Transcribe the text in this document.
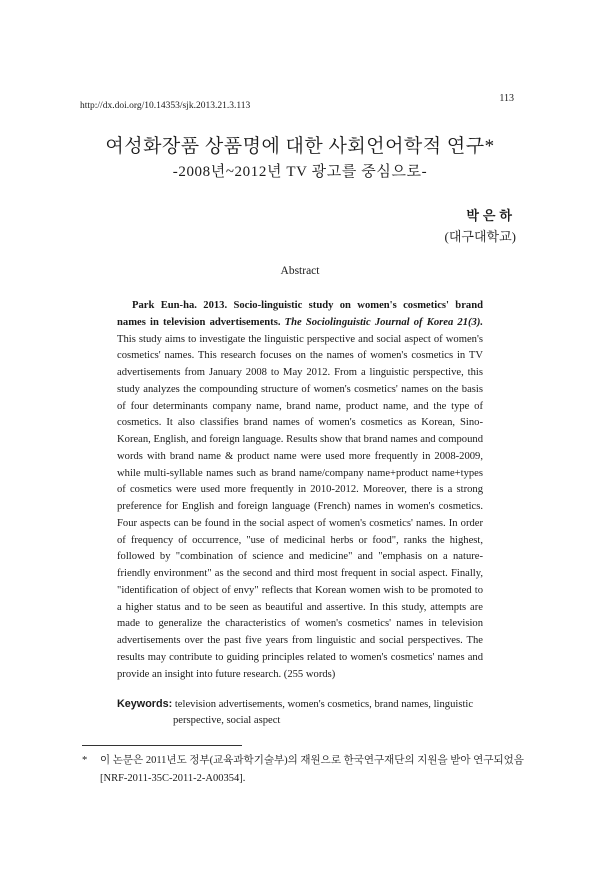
113
http://dx.doi.org/10.14353/sjk.2013.21.3.113
여성화장품 상품명에 대한 사회언어학적 연구*
-2008년~2012년 TV 광고를 중심으로-
박은하
(대구대학교)
Abstract

Park Eun-ha. 2013. Socio-linguistic study on women's cosmetics' brand names in television advertisements. The Sociolinguistic Journal of Korea 21(3). This study aims to investigate the linguistic perspective and social aspect of women's cosmetics' names. This research focuses on the names of women's cosmetics in TV advertisements from January 2008 to May 2012. From a linguistic perspective, this study analyzes the compounding structure of women's cosmetics' names on the basis of four determinants company name, brand name, product name, and the type of cosmetics. It also classifies brand names of women's cosmetics as Korean, Sino-Korean, English, and foreign language. Results show that brand names and compound words with brand name & product name were used more frequently in 2008-2009, while multi-syllable names such as brand name/company name+product name+types of cosmetics were used more frequently in 2010-2012. Moreover, there is a strong preference for English and foreign language (French) names in women's cosmetics. Four aspects can be found in the social aspect of women's cosmetics' names. In order of frequency of occurrence, "use of medicinal herbs or food", ranks the highest, followed by "combination of science and medicine" and "emphasis on a nature-friendly environment" as the second and third most frequent in social aspect. Finally, "identification of object of envy" reflects that Korean women wish to be promoted to a higher status and to be seen as beautiful and assertive. In this study, attempts are made to generalize the characteristics of women's cosmetics' names in television advertisements over the past five years from linguistic and social perspectives. The results may contribute to guiding principles related to women's cosmetics' names and provide an insight into future research. (255 words)

Keywords: television advertisements, women's cosmetics, brand names, linguistic
perspective, social aspect
*	이 논문은 2011년도 정부(교육과학기술부)의 재원으로 한국연구재단의 지원을 받아 연구되었음[NRF-2011-35C-2011-2-A00354].
